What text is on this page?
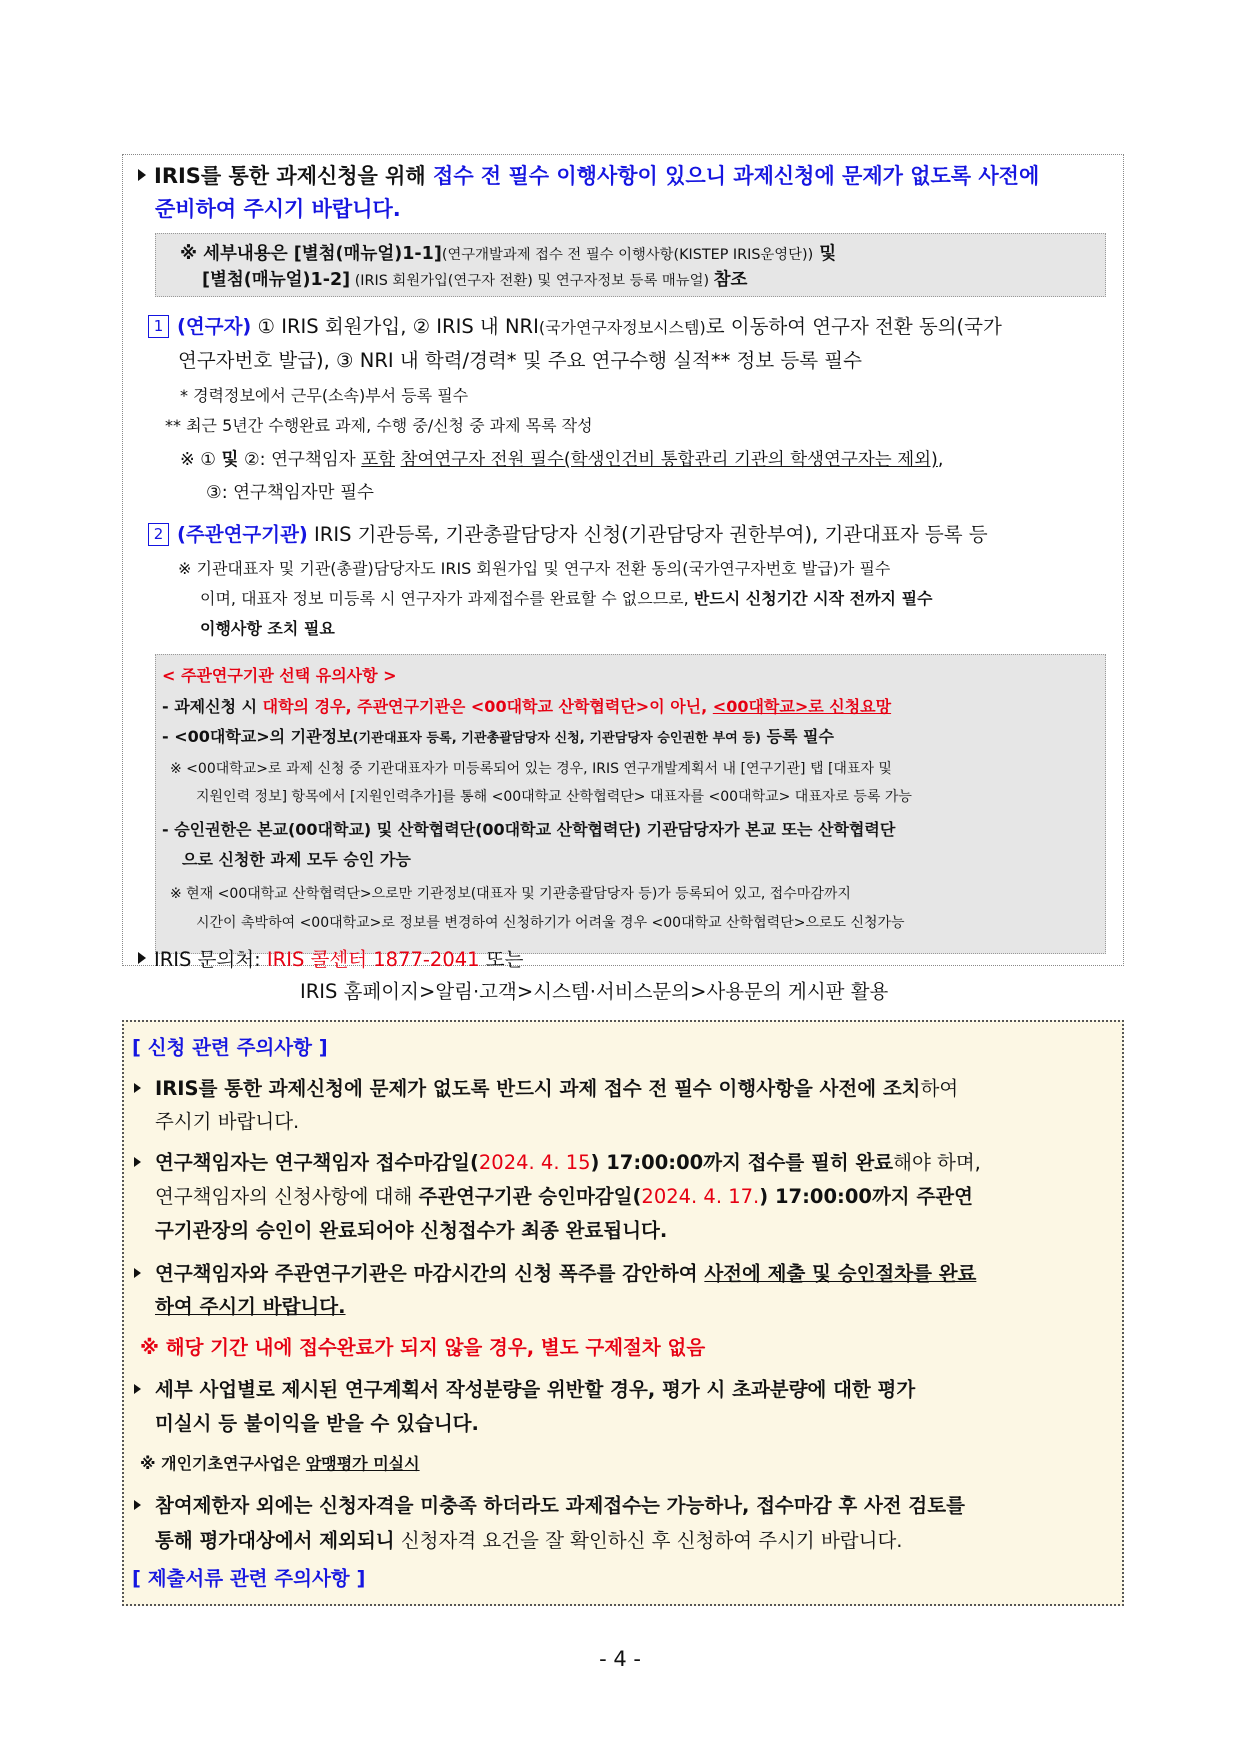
IRIS를 통한 과제신청을 위해 접수 전 필수 이행사항이 있으니 과제신청에 문제가 없도록 사전에
준비하여 주시기 바랍니다.
※ 세부내용은 [별첨(매뉴얼)1-1](연구개발과제 접수 전 필수 이행사항(KISTEP IRIS운영단)) 및
[별첨(매뉴얼)1-2] (IRIS 회원가입(연구자 전환) 및 연구자정보 등록 매뉴얼) 참조
1 (연구자) ① IRIS 회원가입, ② IRIS 내 NRI(국가연구자정보시스템)로 이동하여 연구자 전환 동의(국가
연구자번호 발급), ③ NRI 내 학력/경력* 및 주요 연구수행 실적** 정보 등록 필수
* 경력정보에서 근무(소속)부서 등록 필수
** 최근 5년간 수행완료 과제, 수행 중/신청 중 과제 목록 작성
※ ① 및 ②: 연구책임자 포함 참여연구자 전원 필수(학생인건비 통합관리 기관의 학생연구자는 제외),
③: 연구책임자만 필수
2 (주관연구기관) IRIS 기관등록, 기관총괄담당자 신청(기관담당자 권한부여), 기관대표자 등록 등
※ 기관대표자 및 기관(총괄)담당자도 IRIS 회원가입 및 연구자 전환 동의(국가연구자번호 발급)가 필수
이며, 대표자 정보 미등록 시 연구자가 과제접수를 완료할 수 없으므로, 반드시 신청기간 시작 전까지 필수
이행사항 조치 필요
< 주관연구기관 선택 유의사항 >
- 과제신청 시 대학의 경우, 주관연구기관은 <00대학교 산학협력단>이 아닌, <00대학교>로 신청요망
- <00대학교>의 기관정보(기관대표자 등록, 기관총괄담당자 신청, 기관담당자 승인권한 부여 등) 등록 필수
※ <00대학교>로 과제 신청 중 기관대표자가 미등록되어 있는 경우, IRIS 연구개발계획서 내 [연구기관] 탭 [대표자 및
지원인력 정보] 항목에서 [지원인력추가]를 통해 <00대학교 산학협력단> 대표자를 <00대학교> 대표자로 등록 가능
- 승인권한은 본교(00대학교) 및 산학협력단(00대학교 산학협력단) 기관담당자가 본교 또는 산학협력단
으로 신청한 과제 모두 승인 가능
※ 현재 <00대학교 산학협력단>으로만 기관정보(대표자 및 기관총괄담당자 등)가 등록되어 있고, 접수마감까지
시간이 촉박하여 <00대학교>로 정보를 변경하여 신청하기가 어려울 경우 <00대학교 산학협력단>으로도 신청가능
IRIS 문의처: IRIS 콜센터 1877-2041 또는
IRIS 홈페이지>알림·고객>시스템·서비스문의>사용문의 게시판 활용
[ 신청 관련 주의사항 ]
IRIS를 통한 과제신청에 문제가 없도록 반드시 과제 접수 전 필수 이행사항을 사전에 조치하여
주시기 바랍니다.
연구책임자는 연구책임자 접수마감일(2024. 4. 15) 17:00:00까지 접수를 필히 완료해야 하며,
연구책임자의 신청사항에 대해 주관연구기관 승인마감일(2024. 4. 17.) 17:00:00까지 주관연
구기관장의 승인이 완료되어야 신청접수가 최종 완료됩니다.
연구책임자와 주관연구기관은 마감시간의 신청 폭주를 감안하여 사전에 제출 및 승인절차를 완료
하여 주시기 바랍니다.
※ 해당 기간 내에 접수완료가 되지 않을 경우, 별도 구제절차 없음
세부 사업별로 제시된 연구계획서 작성분량을 위반할 경우, 평가 시 초과분량에 대한 평가
미실시 등 불이익을 받을 수 있습니다.
※ 개인기초연구사업은 암맹평가 미실시
참여제한자 외에는 신청자격을 미충족 하더라도 과제접수는 가능하나, 접수마감 후 사전 검토를
통해 평가대상에서 제외되니 신청자격 요건을 잘 확인하신 후 신청하여 주시기 바랍니다.
[ 제출서류 관련 주의사항 ]
- 4 -
